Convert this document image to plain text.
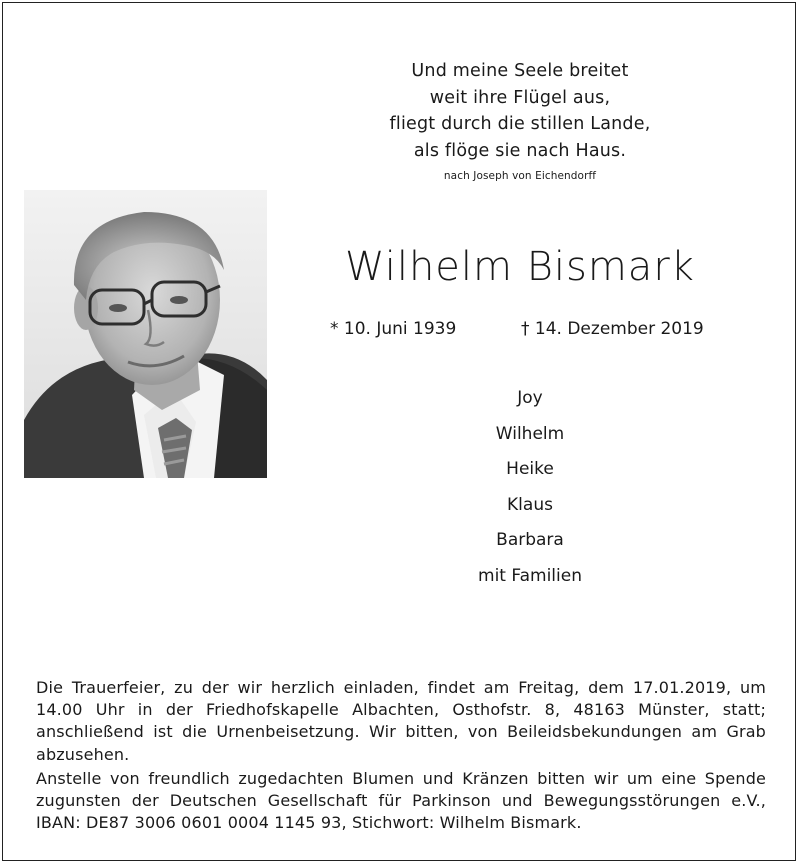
Und meine Seele breitet
weit ihre Flügel aus,
fliegt durch die stillen Lande,
als flöge sie nach Haus.
nach Joseph von Eichendorff
Wilhelm Bismark
* 10. Juni 1939	† 14. Dezember 2019
Joy
Wilhelm
Heike
Klaus
Barbara
mit Familien

Die Trauerfeier, zu der wir herzlich einladen, findet am Freitag, dem 17.01.2019, um 14.00 Uhr in der Friedhofskapelle Albachten, Osthofstr. 8, 48163 Münster, statt; anschließend ist die Urnenbeisetzung. Wir bitten, von Beileidsbekundungen am Grab abzusehen.

Anstelle von freundlich zugedachten Blumen und Kränzen bitten wir um eine Spende zugunsten der Deutschen Gesellschaft für Parkinson und Bewegungsstörungen e.V., IBAN: DE87 3006 0601 0004 1145 93, Stichwort: Wilhelm Bismark.
